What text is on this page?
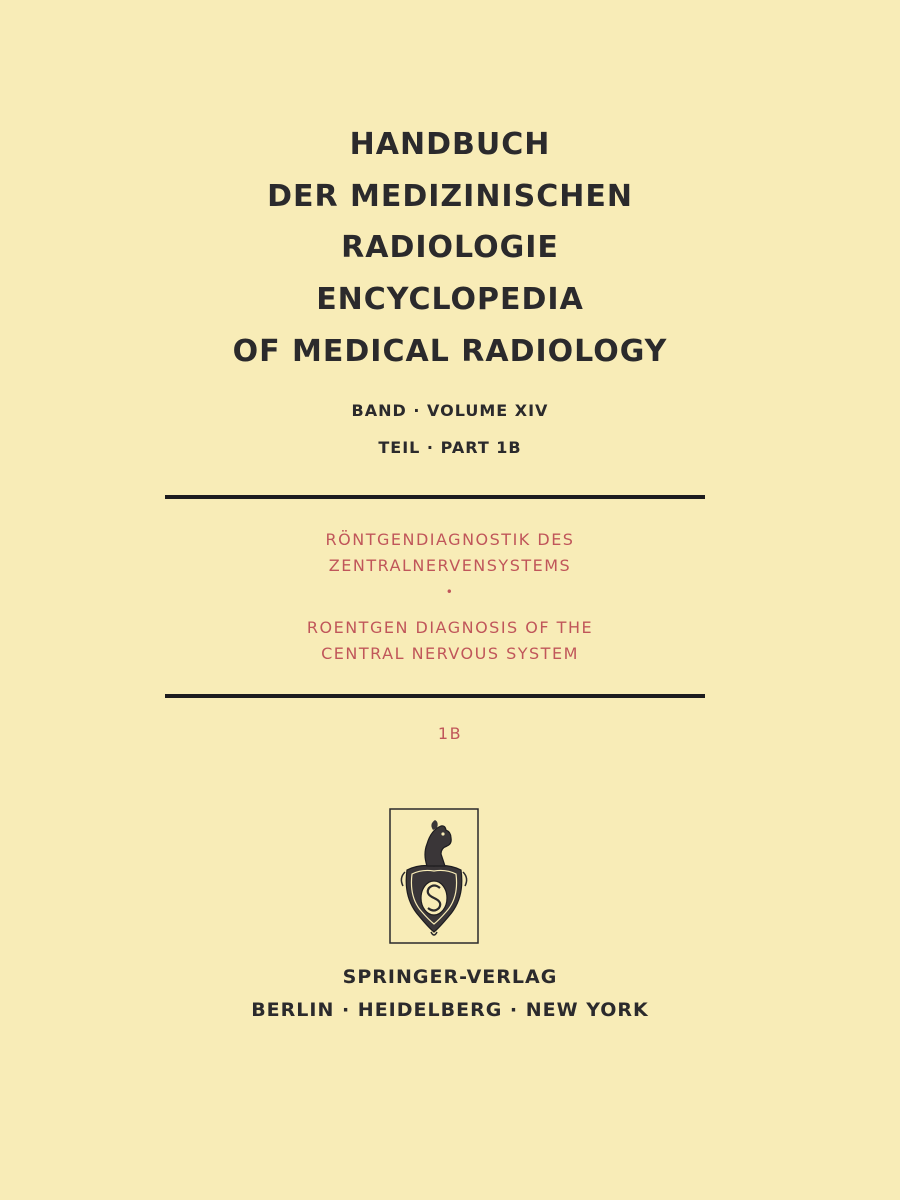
HANDBUCH
DER MEDIZINISCHEN
RADIOLOGIE
ENCYCLOPEDIA
OF MEDICAL RADIOLOGY

BAND · VOLUME XIV

TEIL · PART 1B

RÖNTGENDIAGNOSTIK DES

ZENTRALNERVENSYSTEMS

•

ROENTGEN DIAGNOSIS OF THE

CENTRAL NERVOUS SYSTEM

1B

SPRINGER-VERLAG

BERLIN · HEIDELBERG · NEW YORK
